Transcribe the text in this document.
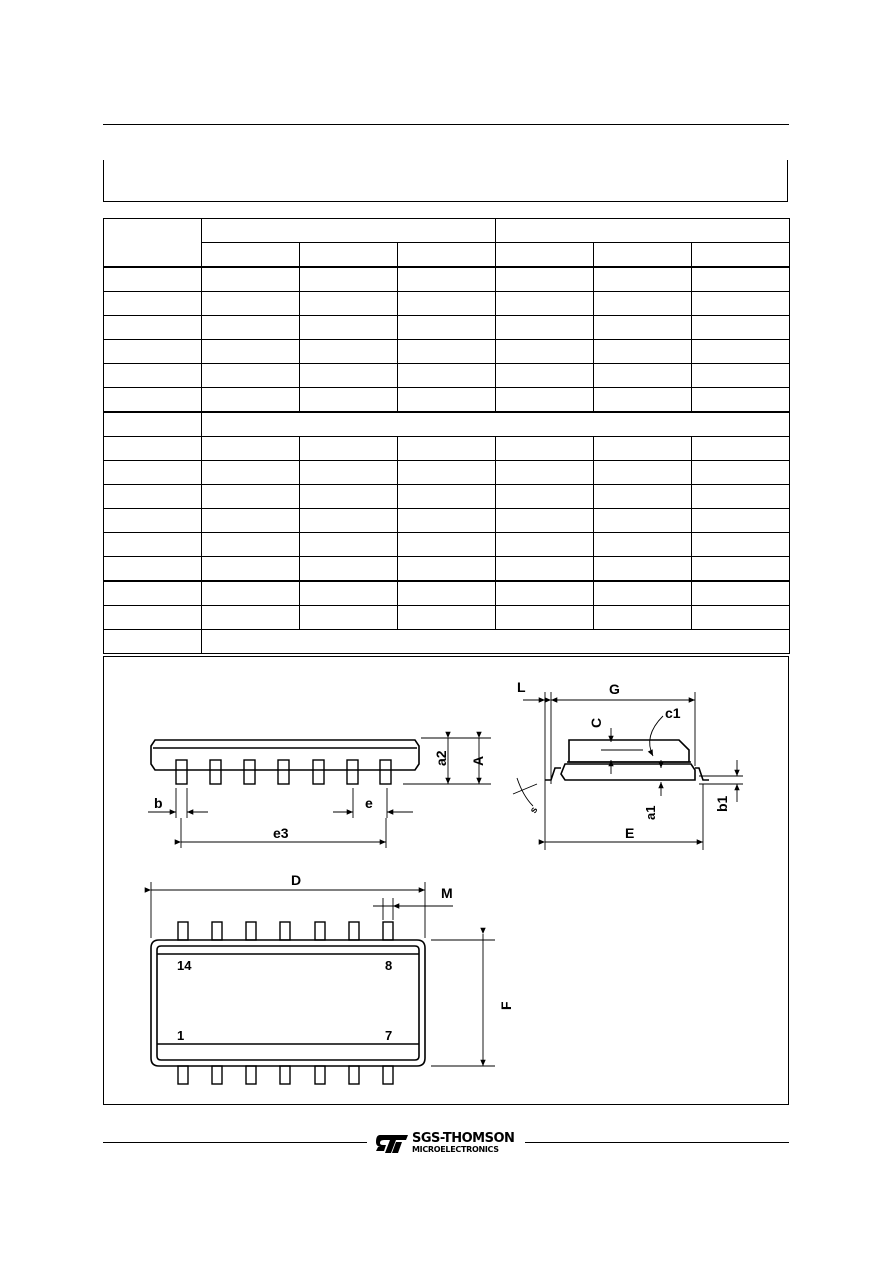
b	e
e3
a2 A
L	G
C
c1
s	a1
b1
E
D
M
F
14	8
1	7
SGS-THOMSON
MICROELECTRONICS
